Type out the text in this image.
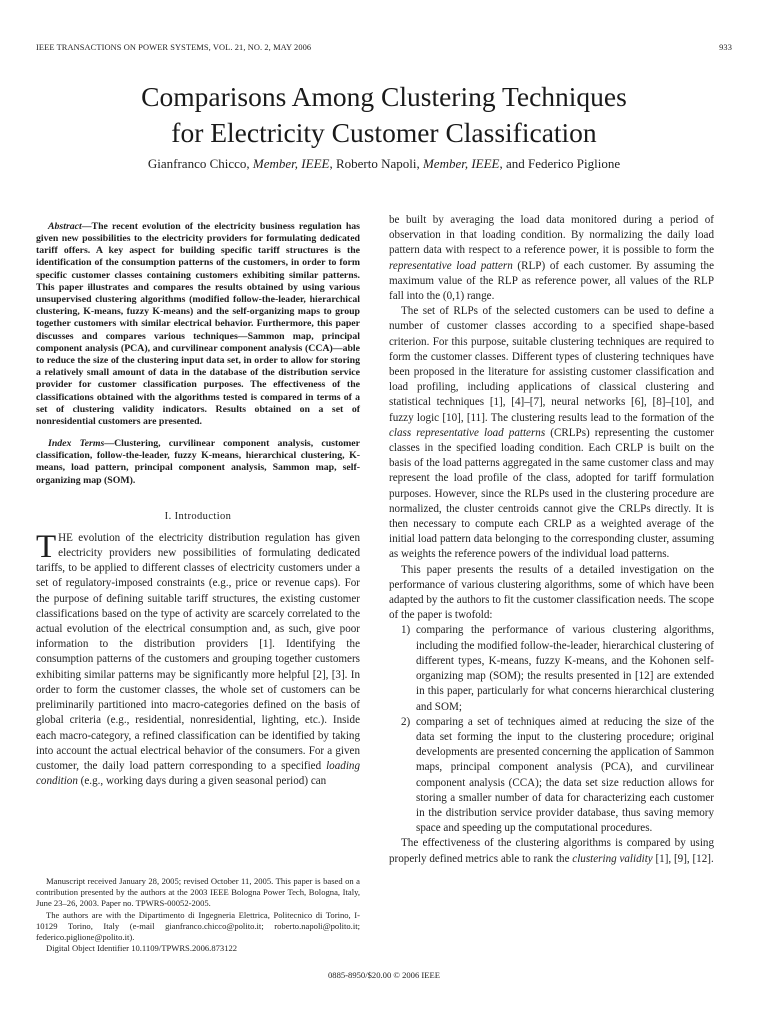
IEEE TRANSACTIONS ON POWER SYSTEMS, VOL. 21, NO. 2, MAY 2006	933
Comparisons Among Clustering Techniques
for Electricity Customer Classification
Gianfranco Chicco, Member, IEEE, Roberto Napoli, Member, IEEE, and Federico Piglione

Abstract—The recent evolution of the electricity business regulation has given new possibilities to the electricity providers for formulating dedicated tariff offers. A key aspect for building specific tariff structures is the identification of the consumption patterns of the customers, in order to form specific customer classes containing customers exhibiting similar patterns. This paper illustrates and compares the results obtained by using various unsupervised clustering algorithms (modified follow-the-leader, hierarchical clustering, K-means, fuzzy K-means) and the self-organizing maps to group together customers with similar electrical behavior. Furthermore, this paper discusses and compares various techniques—Sammon map, principal component analysis (PCA), and curvilinear component analysis (CCA)—able to reduce the size of the clustering input data set, in order to allow for storing a relatively small amount of data in the database of the distribution service provider for customer classification purposes. The effectiveness of the classifications obtained with the algorithms tested is compared in terms of a set of clustering validity indicators. Results obtained on a set of nonresidential customers are presented.

Index Terms—Clustering, curvilinear component analysis, customer classification, follow-the-leader, fuzzy K-means, hierarchical clustering, K-means, load pattern, principal component analysis, Sammon map, self-organizing map (SOM).

I. Introduction

THE evolution of the electricity distribution regulation has given electricity providers new possibilities of formulating dedicated tariffs, to be applied to different classes of electricity customers under a set of regulatory-imposed constraints (e.g., price or revenue caps). For the purpose of defining suitable tariff structures, the existing customer classifications based on the type of activity are scarcely correlated to the actual evolution of the electrical consumption and, as such, give poor information to the distribution providers [1]. Identifying the consumption patterns of the customers and grouping together customers exhibiting similar patterns may be significantly more helpful [2], [3]. In order to form the customer classes, the whole set of customers can be preliminarily partitioned into macro-categories defined on the basis of global criteria (e.g., residential, nonresidential, lighting, etc.). Inside each macro-category, a refined classification can be identified by taking into account the actual electrical behavior of the consumers. For a given customer, the daily load pattern corresponding to a specified loading condition (e.g., working days during a given seasonal period) can

Manuscript received January 28, 2005; revised October 11, 2005. This paper is based on a contribution presented by the authors at the 2003 IEEE Bologna Power Tech, Bologna, Italy, June 23–26, 2003. Paper no. TPWRS-00052-2005.

The authors are with the Dipartimento di Ingegneria Elettrica, Politecnico di Torino, I-10129 Torino, Italy (e-mail gianfranco.chicco@polito.it; roberto.napoli@polito.it; federico.piglione@polito.it).

Digital Object Identifier 10.1109/TPWRS.2006.873122

be built by averaging the load data monitored during a period of observation in that loading condition. By normalizing the daily load pattern data with respect to a reference power, it is possible to form the representative load pattern (RLP) of each customer. By assuming the maximum value of the RLP as reference power, all values of the RLP fall into the (0,1) range.

The set of RLPs of the selected customers can be used to define a number of customer classes according to a specified shape-based criterion. For this purpose, suitable clustering techniques are required to form the customer classes. Different types of clustering techniques have been proposed in the literature for assisting customer classification and load profiling, including applications of classical clustering and statistical techniques [1], [4]–[7], neural networks [6], [8]–[10], and fuzzy logic [10], [11]. The clustering results lead to the formation of the class representative load patterns (CRLPs) representing the customer classes in the specified loading condition. Each CRLP is built on the basis of the load patterns aggregated in the same customer class and may represent the load profile of the class, adopted for tariff formulation purposes. However, since the RLPs used in the clustering procedure are normalized, the cluster centroids cannot give the CRLPs directly. It is then necessary to compute each CRLP as a weighted average of the initial load pattern data belonging to the corresponding cluster, assuming as weights the reference powers of the individual load patterns.

This paper presents the results of a detailed investigation on the performance of various clustering algorithms, some of which have been adapted by the authors to fit the customer classification needs. The scope of the paper is twofold:

1) comparing the performance of various clustering algorithms, including the modified follow-the-leader, hierarchical clustering of different types, K-means, fuzzy K-means, and the Kohonen self-organizing map (SOM); the results presented in [12] are extended in this paper, particularly for what concerns hierarchical clustering and SOM;
2) comparing a set of techniques aimed at reducing the size of the data set forming the input to the clustering procedure; original developments are presented concerning the application of Sammon maps, principal component analysis (PCA), and curvilinear component analysis (CCA); the data set size reduction allows for storing a smaller number of data for characterizing each customer in the distribution service provider database, thus saving memory space and speeding up the computational procedures.

The effectiveness of the clustering algorithms is compared by using properly defined metrics able to rank the clustering validity [1], [9], [12].

0885-8950/$20.00 © 2006 IEEE
